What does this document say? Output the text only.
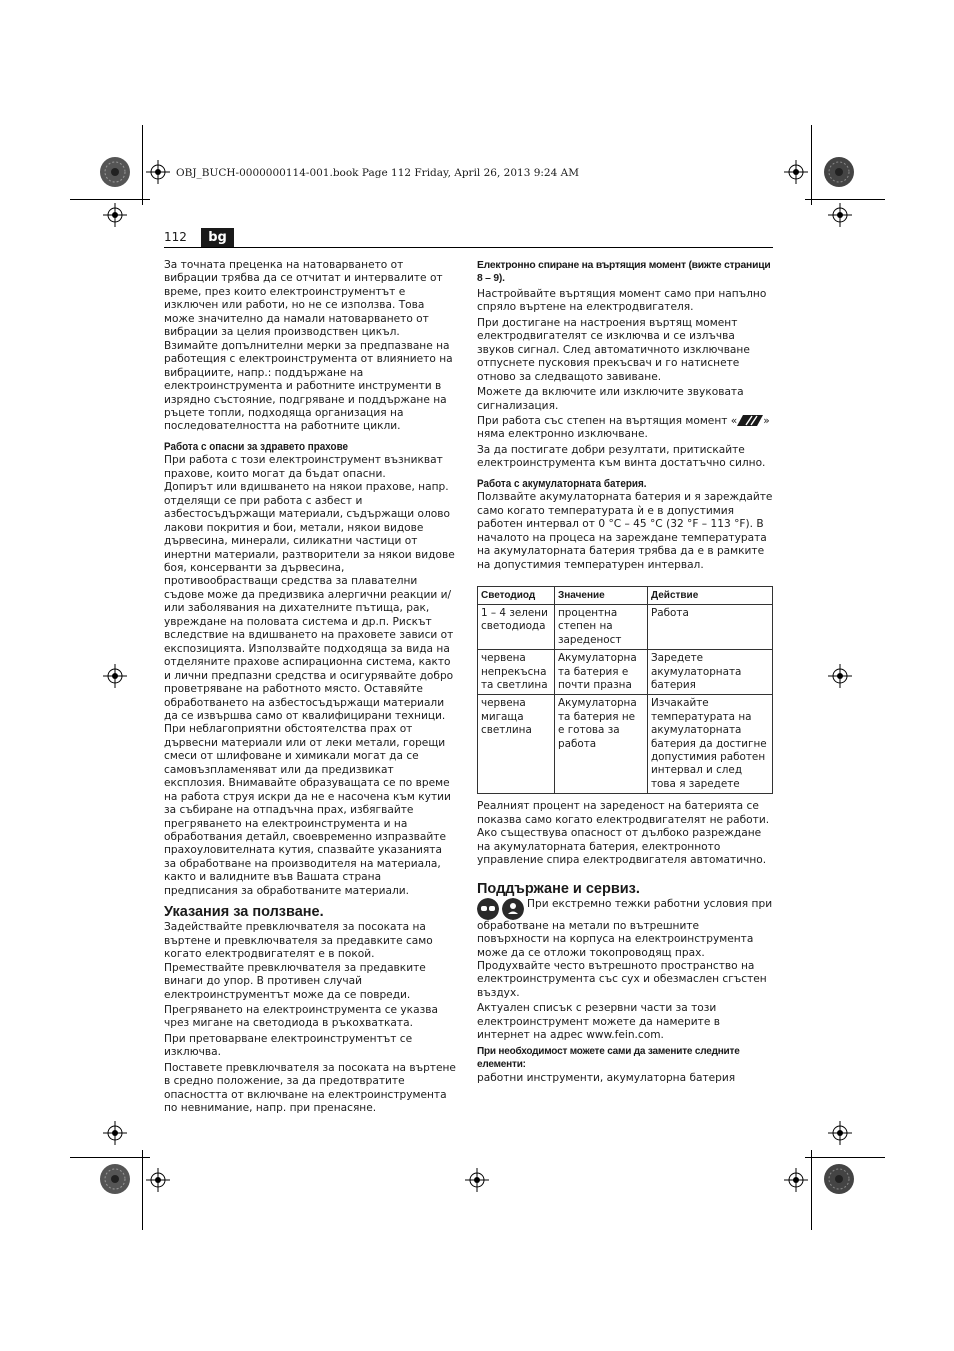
OBJ_BUCH-0000000114-001.book Page 112 Friday, April 26, 2013 9:24 AM
112	bg

За точната преценка на натоварването от вибрации трябва да се отчитат и интервалите от време, през които електроинструментът е изключен или работи, но не се използва. Това може значително да намали натоварването от вибрации за целия производствен цикъл.

Взимайте допълнителни мерки за предпазване на работещия с електроинструмента от влиянието на вибрациите, напр.: поддържане на електроинструмента и работните инструменти в изрядно състояние, подгряване и поддържане на ръцете топли, подходяща организация на последователността на работните цикли.

Работа с опасни за здравето прахове

При работа с този електроинструмент възникват прахове, които могат да бъдат опасни.

Допирът или вдишването на някои прахове, напр. отделящи се при работа с азбест и азбестосъдържащи материали, съдържащи олово лакови покрития и бои, метали, някои видове дървесина, минерали, силикатни частици от инертни материали, разтворители за някои видове боя, консерванти за дървесина, противообрастващи средства за плавателни съдове може да предизвика алергични реакции и/или заболявания на дихателните пътища, рак, увреждане на половата система и др.п. Рискът вследствие на вдишването на праховете зависи от експозицията. Използвайте подходяща за вида на отделяните прахове аспирационна система, както и лични предпазни средства и осигурявайте добро проветряване на работното място. Оставяйте обработването на азбестосъдържащи материали да се извършва само от квалифицирани техници.

При неблагоприятни обстоятелства прах от дървесни материали или от леки метали, горещи смеси от шлифоване и химикали могат да се самовъзпламеняват или да предизвикат експлозия. Внимавайте образуващата се по време на работа струя искри да не е насочена към кутии за събиране на отпадъчна прах, избягвайте прегряването на електроинструмента и на обработвания детайл, своевременно изпразвайте прахоуловителната кутия, спазвайте указанията за обработване на производителя на материала, както и валидните във Вашата страна предписания за обработваните материали.

Указания за ползване.

Задействайте превключвателя за посоката на въртене и превключвателя за предавките само когато електродвигателят е в покой.

Премествайте превключвателя за предавките винаги до упор. В противен случай електроинструментът може да се повреди.

Прегряването на електроинструмента се указва чрез мигане на светодиода в ръкохватката.

При претоварване електроинструментът се изключва.

Поставете превключвателя за посоката на въртене в средно положение, за да предотвратите опасността от включване на електроинструмента по невнимание, напр. при пренасяне.

Електронно спиране на въртящия момент (вижте страници 8 – 9).

Настройвайте въртящия момент само при напълно спряло въртене на електродвигателя.

При достигане на настроения въртящ момент електродвигателят се изключва и се излъчва звуков сигнал. След автоматичното изключване отпуснете пусковия прекъсвач и го натиснете отново за следващото завиване.

Можете да включите или изключите звуковата сигнализация.

При работа със степен на въртящия момент « » няма електронно изключване.

За да постигате добри резултати, притискайте електроинструмента към винта достатъчно силно.

Работа с акумулаторната батерия.

Ползвайте акумулаторната батерия и я зареждайте само когато температурата ѝ е в допустимия работен интервал от 0 °C – 45 °C (32 °F – 113 °F). В началото на процеса на зареждане температурата на акумулаторната батерия трябва да е в рамките на допустимия температурен интервал.

Светодиод	Значение	Действие
1 – 4 зелени светодиода	процентна степен на зареденост	Работа
червена непрекъсна та светлина	Акумулаторна та батерия е почти празна	Заредете акумулаторната батерия
червена мигаща светлина	Акумулаторна та батерия не е готова за работа	Изчакайте температурата на акумулаторната батерия да достигне допустимия работен интервал и след това я заредете

Реалният процент на зареденост на батерията се показва само когато електродвигателят не работи.

Ако съществува опасност от дълбоко разреждане на акумулаторната батерия, електронното управление спира електродвигателя автоматично.

Поддържане и сервиз.

При екстремно тежки работни условия при обработване на метали по вътрешните повърхности на корпуса на електроинструмента може да се отложи токопроводящ прах. Продухвайте често вътрешното пространство на електроинструмента със сух и обезмаслен сгъстен въздух.

Актуален списък с резервни части за този електроинструмент можете да намерите в интернет на адрес www.fein.com.

При необходимост можете сами да замените следните елементи:

работни инструменти, акумулаторна батерия
